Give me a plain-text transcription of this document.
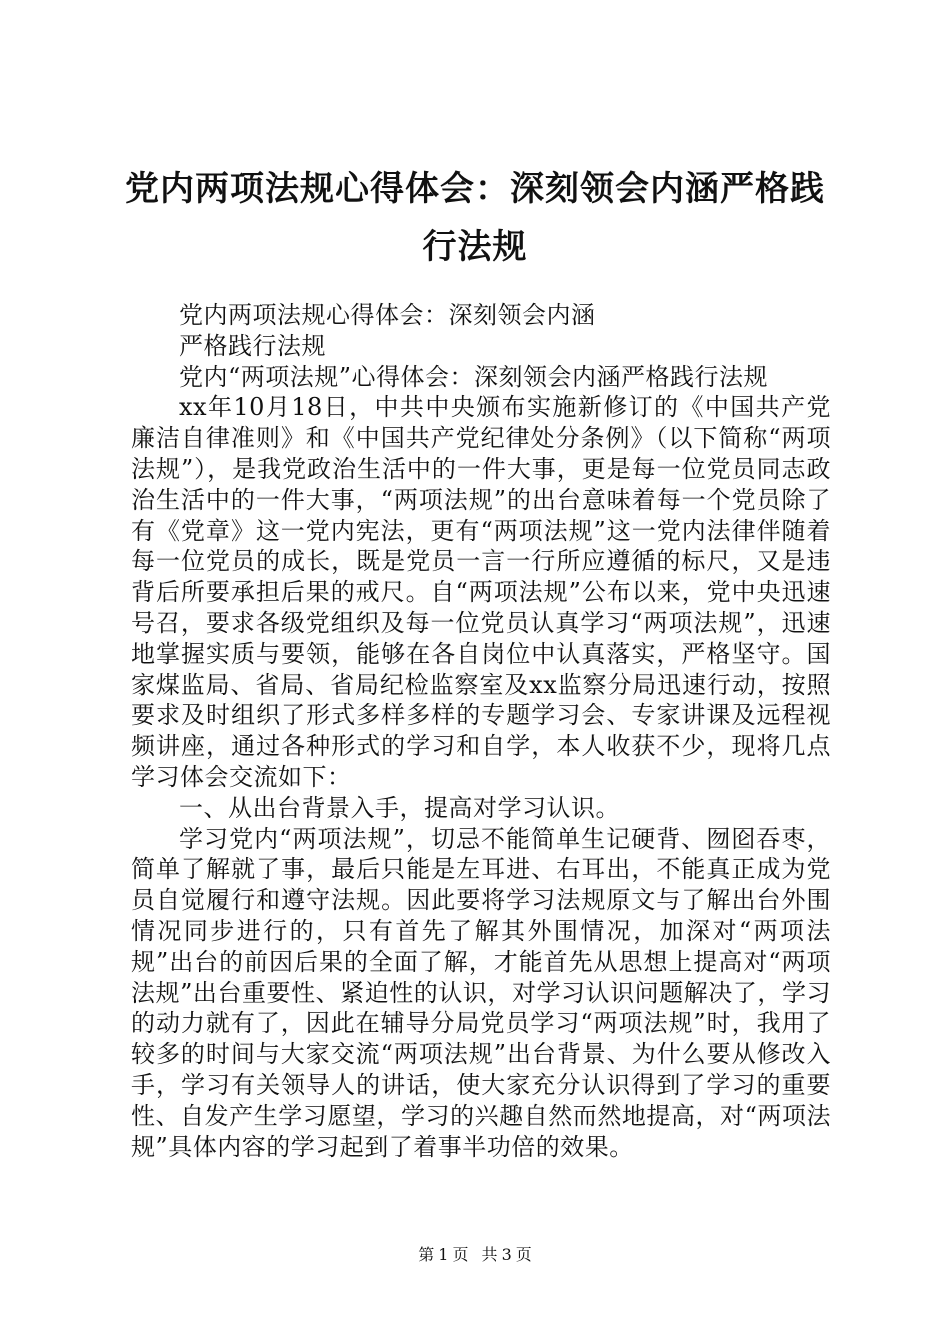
党内两项法规心得体会：深刻领会内涵严格践行法规

党内两项法规心得体会：深刻领会内涵

严格践行法规

党内“两项法规”心得体会：深刻领会内涵严格践行法规

xx年10月18日，中共中央颁布实施新修订的《中国共产党廉洁自律准则》和《中国共产党纪律处分条例》（以下简称“两项法规”），是我党政治生活中的一件大事，更是每一位党员同志政治生活中的一件大事，“两项法规”的出台意味着每一个党员除了有《党章》这一党内宪法，更有“两项法规”这一党内法律伴随着每一位党员的成长，既是党员一言一行所应遵循的标尺，又是违背后所要承担后果的戒尺。自“两项法规”公布以来，党中央迅速号召，要求各级党组织及每一位党员认真学习“两项法规”，迅速地掌握实质与要领，能够在各自岗位中认真落实，严格坚守。国家煤监局、省局、省局纪检监察室及xx监察分局迅速行动，按照要求及时组织了形式多样多样的专题学习会、专家讲课及远程视频讲座，通过各种形式的学习和自学，本人收获不少，现将几点学习体会交流如下：

一、从出台背景入手，提高对学习认识。

学习党内“两项法规”，切忌不能简单生记硬背、囫囵吞枣，简单了解就了事，最后只能是左耳进、右耳出，不能真正成为党员自觉履行和遵守法规。因此要将学习法规原文与了解出台外围情况同步进行的，只有首先了解其外围情况，加深对“两项法规”出台的前因后果的全面了解，才能首先从思想上提高对“两项法规”出台重要性、紧迫性的认识，对学习认识问题解决了，学习的动力就有了，因此在辅导分局党员学习“两项法规”时，我用了较多的时间与大家交流“两项法规”出台背景、为什么要从修改入手，学习有关领导人的讲话，使大家充分认识得到了学习的重要性、自发产生学习愿望，学习的兴趣自然而然地提高，对“两项法规”具体内容的学习起到了着事半功倍的效果。

第 1 页 共 3 页
